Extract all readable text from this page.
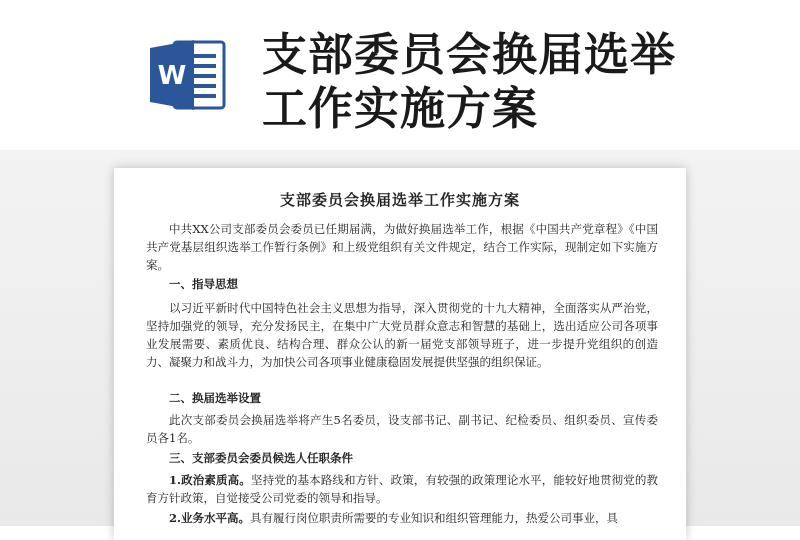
W 支部委员会换届选举
工作实施方案
支部委员会换届选举工作实施方案
中共XX公司支部委员会委员已任期届满，为做好换届选举工作，根据《中国共产党章程》《中国共产党基层组织选举工作暂行条例》和上级党组织有关文件规定，结合工作实际，现制定如下实施方案。
一、指导思想
以习近平新时代中国特色社会主义思想为指导，深入贯彻党的十九大精神，全面落实从严治党，坚持加强党的领导，充分发扬民主，在集中广大党员群众意志和智慧的基础上，选出适应公司各项事业发展需要、素质优良、结构合理、群众公认的新一届党支部领导班子，进一步提升党组织的创造力、凝聚力和战斗力，为加快公司各项事业健康稳固发展提供坚强的组织保证。
二、换届选举设置
此次支部委员会换届选举将产生5名委员，设支部书记、副书记、纪检委员、组织委员、宣传委员各1名。
三、支部委员会委员候选人任职条件
1.政治素质高。坚持党的基本路线和方针、政策，有较强的政策理论水平，能较好地贯彻党的教育方针政策，自觉接受公司党委的领导和指导。
2.业务水平高。具有履行岗位职责所需要的专业知识和组织管理能力，热爱公司事业，具
